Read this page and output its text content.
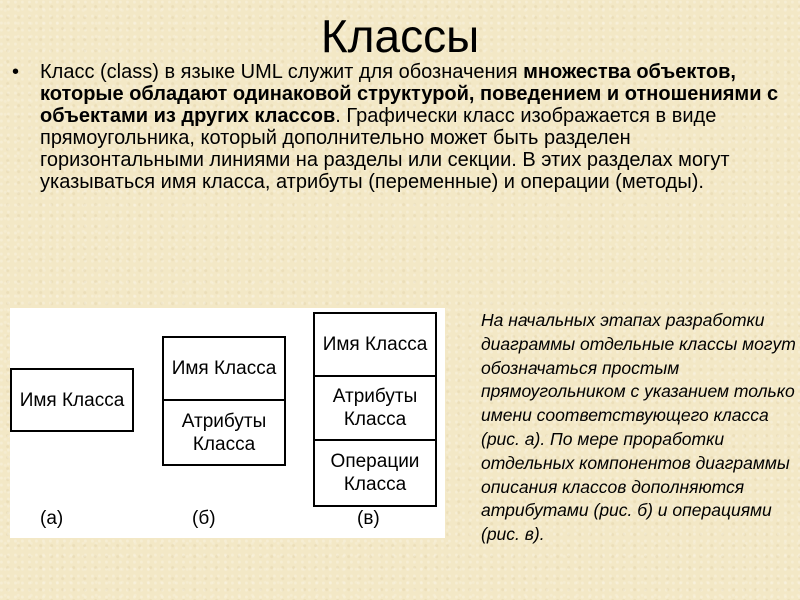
Классы
•	Класс (class) в языке UML служит для обозначения множества объектов, которые обладают одинаковой структурой, поведением и отношениями с объектами из других классов. Графически класс изображается в виде прямоугольника, который дополнительно может быть разделен горизонтальными линиями на разделы или секции. В этих разделах могут указываться имя класса, атрибуты (переменные) и операции (методы).
Имя Класса
Имя Класса
Атрибуты Класса
Имя Класса
Атрибуты Класса
Операции Класса
(а)	(б)	(в)
На начальных этапах разработки диаграммы отдельные классы могут обозначаться простым прямоугольником с указанием только имени соответствующего класса (рис. а). По мере проработки отдельных компонентов диаграммы описания классов дополняются атрибутами (рис. б) и операциями (рис. в).
